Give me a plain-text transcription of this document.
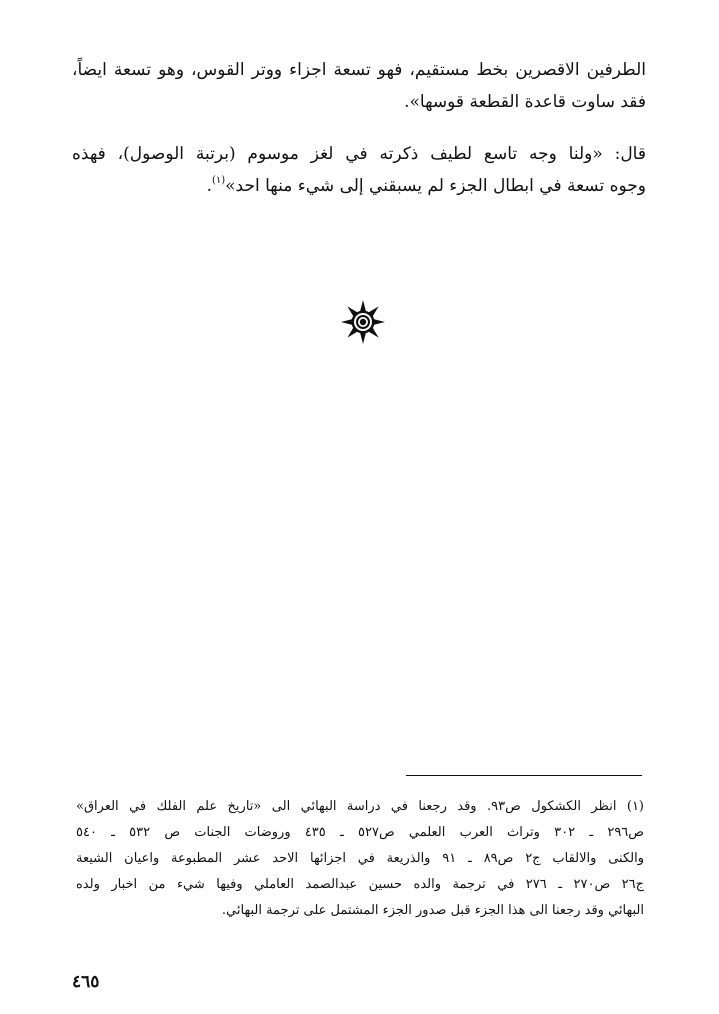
الطرفين الاقصرين بخط مستقيم، فهو تسعة اجزاء ووتر القوس، وهو تسعة ايضاً،
فقد ساوت قاعدة القطعة قوسها».
قال: «ولنا وجه تاسع لطيف ذكرته في لغز موسوم (برتبة الوصول)، فهذه
وجوه تسعة في ابطال الجزء لم يسبقني إلى شيء منها احد»$^{(١)}$.
(١) انظر الكشكول ص٩٣. وقد رجعنا في دراسة البهائي الى «تاريخ علم الفلك في العراق»
ص٢٩٦ ـ ٣٠٢ وتراث العرب العلمي ص٥٢٧ ـ ٤٣٥ وروضات الجنات ص ٥٣٢ ـ ٥٤٠
والكنى والالقاب ج٢ ص٨٩ ـ ٩١ والذريعة في اجزائها الاحد عشر المطبوعة واعيان الشيعة
ج٢٦ ص٢٧٠ ـ ٢٧٦ في ترجمة والده حسين عبدالصمد العاملي وفيها شيء من اخبار ولده
البهائي وقد رجعنا الى هذا الجزء قبل صدور الجزء المشتمل على ترجمة البهائي.
٤٦٥
